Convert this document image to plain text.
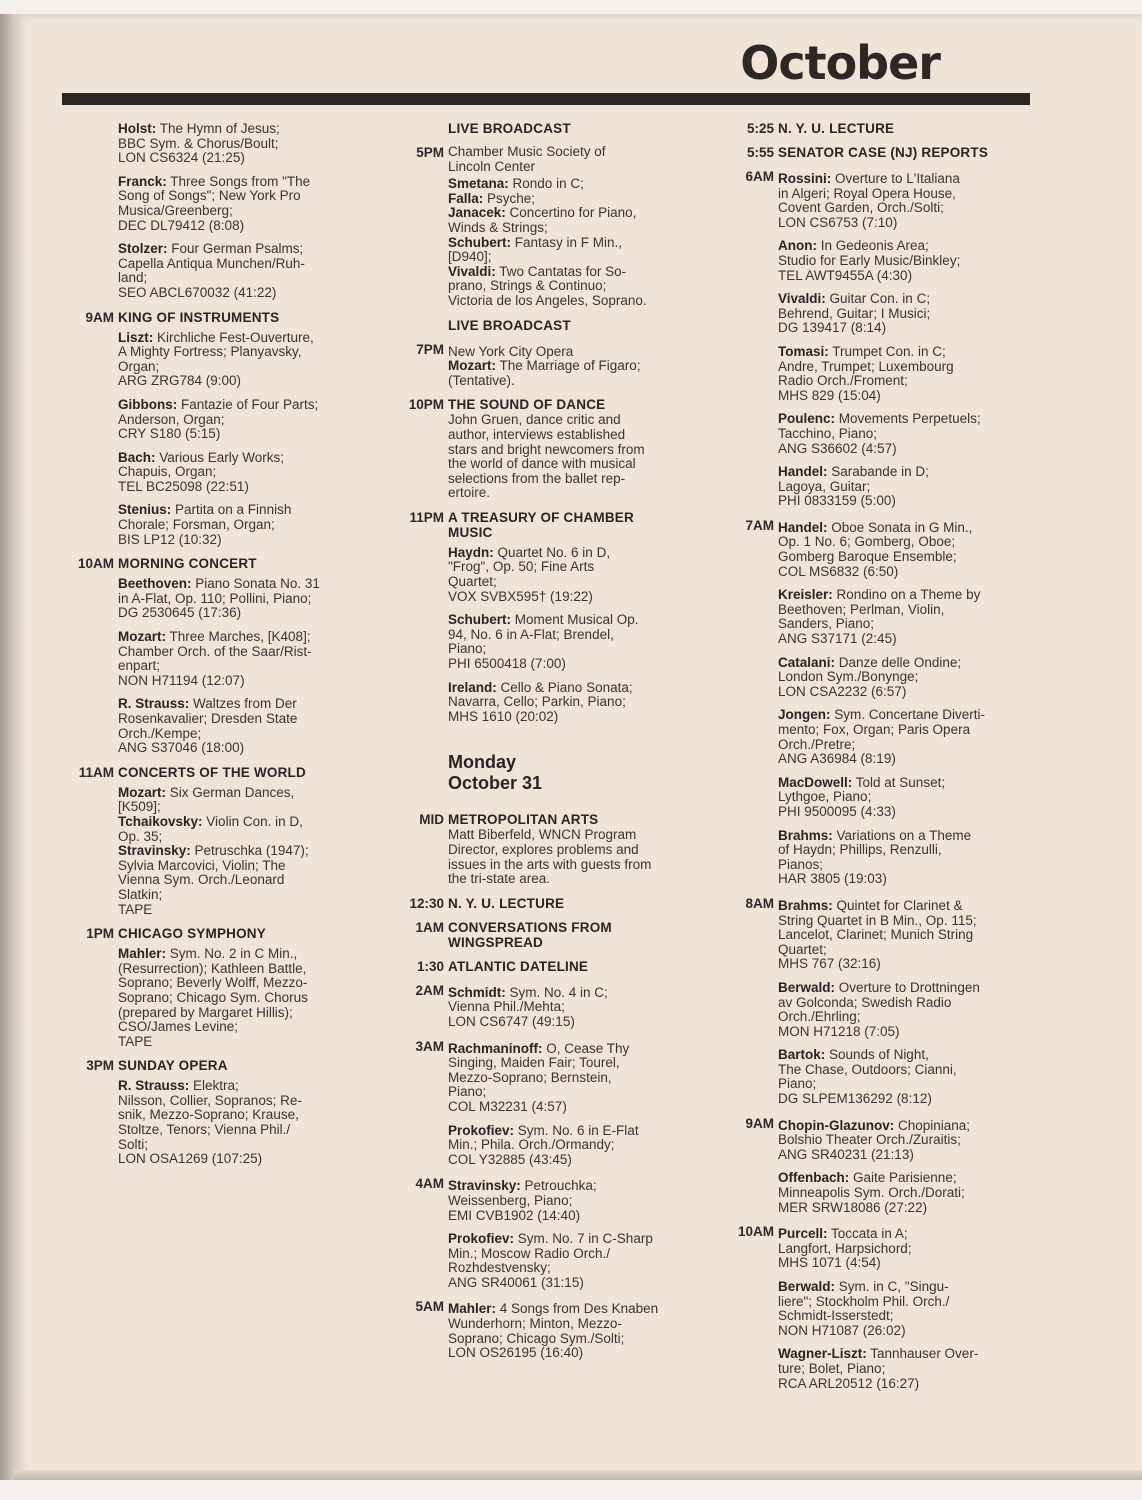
October
Holst: The Hymn of Jesus;
BBC Sym. & Chorus/Boult;
LON CS6324 (21:25)
Franck: Three Songs from "The
Song of Songs"; New York Pro
Musica/Greenberg;
DEC DL79412 (8:08)
Stolzer: Four German Psalms;
Capella Antiqua Munchen/Ruh-
land;
SEO ABCL670032 (41:22)
9AM KING OF INSTRUMENTS
Liszt: Kirchliche Fest-Ouverture,
A Mighty Fortress; Planyavsky,
Organ;
ARG ZRG784 (9:00)
Gibbons: Fantazie of Four Parts;
Anderson, Organ;
CRY S180 (5:15)
Bach: Various Early Works;
Chapuis, Organ;
TEL BC25098 (22:51)
Stenius: Partita on a Finnish
Chorale; Forsman, Organ;
BIS LP12 (10:32)
10AM MORNING CONCERT
Beethoven: Piano Sonata No. 31
in A-Flat, Op. 110; Pollini, Piano;
DG 2530645 (17:36)
Mozart: Three Marches, [K408];
Chamber Orch. of the Saar/Rist-
enpart;
NON H71194 (12:07)
R. Strauss: Waltzes from Der
Rosenkavalier; Dresden State
Orch./Kempe;
ANG S37046 (18:00)
11AM CONCERTS OF THE WORLD
Mozart: Six German Dances,
[K509];
Tchaikovsky: Violin Con. in D,
Op. 35;
Stravinsky: Petruschka (1947);
Sylvia Marcovici, Violin; The
Vienna Sym. Orch./Leonard
Slatkin;
TAPE
1PM CHICAGO SYMPHONY
Mahler: Sym. No. 2 in C Min.,
(Resurrection); Kathleen Battle,
Soprano; Beverly Wolff, Mezzo-
Soprano; Chicago Sym. Chorus
(prepared by Margaret Hillis);
CSO/James Levine;
TAPE
3PM SUNDAY OPERA
R. Strauss: Elektra;
Nilsson, Collier, Sopranos; Re-
snik, Mezzo-Soprano; Krause,
Stoltze, Tenors; Vienna Phil./
Solti;
LON OSA1269 (107:25)
LIVE BROADCAST
5PM Chamber Music Society of
Lincoln Center
Smetana: Rondo in C;
Falla: Psyche;
Janacek: Concertino for Piano,
Winds & Strings;
Schubert: Fantasy in F Min.,
[D940];
Vivaldi: Two Cantatas for So-
prano, Strings & Continuo;
Victoria de los Angeles, Soprano.
LIVE BROADCAST
7PM New York City Opera
Mozart: The Marriage of Figaro;
(Tentative).
10PM THE SOUND OF DANCE
John Gruen, dance critic and
author, interviews established
stars and bright newcomers from
the world of dance with musical
selections from the ballet rep-
ertoire.
11PM A TREASURY OF CHAMBER MUSIC
Haydn: Quartet No. 6 in D,
"Frog", Op. 50; Fine Arts
Quartet;
VOX SVBX595† (19:22)
Schubert: Moment Musical Op.
94, No. 6 in A-Flat; Brendel,
Piano;
PHI 6500418 (7:00)
Ireland: Cello & Piano Sonata;
Navarra, Cello; Parkin, Piano;
MHS 1610 (20:02)
Monday
October 31
MID METROPOLITAN ARTS
Matt Biberfeld, WNCN Program
Director, explores problems and
issues in the arts with guests from
the tri-state area.
12:30 N. Y. U. LECTURE
1AM CONVERSATIONS FROM WINGSPREAD
1:30 ATLANTIC DATELINE
2AM Schmidt: Sym. No. 4 in C;
Vienna Phil./Mehta;
LON CS6747 (49:15)
3AM Rachmaninoff: O, Cease Thy
Singing, Maiden Fair; Tourel,
Mezzo-Soprano; Bernstein,
Piano;
COL M32231 (4:57)
Prokofiev: Sym. No. 6 in E-Flat
Min.; Phila. Orch./Ormandy;
COL Y32885 (43:45)
4AM Stravinsky: Petrouchka;
Weissenberg, Piano;
EMI CVB1902 (14:40)
Prokofiev: Sym. No. 7 in C-Sharp
Min.; Moscow Radio Orch./
Rozhdestvensky;
ANG SR40061 (31:15)
5AM Mahler: 4 Songs from Des Knaben
Wunderhorn; Minton, Mezzo-
Soprano; Chicago Sym./Solti;
LON OS26195 (16:40)
5:25 N. Y. U. LECTURE
5:55 SENATOR CASE (NJ) REPORTS
6AM Rossini: Overture to L'Italiana
in Algeri; Royal Opera House,
Covent Garden, Orch./Solti;
LON CS6753 (7:10)
Anon: In Gedeonis Area;
Studio for Early Music/Binkley;
TEL AWT9455A (4:30)
Vivaldi: Guitar Con. in C;
Behrend, Guitar; I Musici;
DG 139417 (8:14)
Tomasi: Trumpet Con. in C;
Andre, Trumpet; Luxembourg
Radio Orch./Froment;
MHS 829 (15:04)
Poulenc: Movements Perpetuels;
Tacchino, Piano;
ANG S36602 (4:57)
Handel: Sarabande in D;
Lagoya, Guitar;
PHI 0833159 (5:00)
7AM Handel: Oboe Sonata in G Min.,
Op. 1 No. 6; Gomberg, Oboe;
Gomberg Baroque Ensemble;
COL MS6832 (6:50)
Kreisler: Rondino on a Theme by
Beethoven; Perlman, Violin,
Sanders, Piano;
ANG S37171 (2:45)
Catalani: Danze delle Ondine;
London Sym./Bonynge;
LON CSA2232 (6:57)
Jongen: Sym. Concertane Diverti-
mento; Fox, Organ; Paris Opera
Orch./Pretre;
ANG A36984 (8:19)
MacDowell: Told at Sunset;
Lythgoe, Piano;
PHI 9500095 (4:33)
Brahms: Variations on a Theme
of Haydn; Phillips, Renzulli,
Pianos;
HAR 3805 (19:03)
8AM Brahms: Quintet for Clarinet &
String Quartet in B Min., Op. 115;
Lancelot, Clarinet; Munich String
Quartet;
MHS 767 (32:16)
Berwald: Overture to Drottningen
av Golconda; Swedish Radio
Orch./Ehrling;
MON H71218 (7:05)
Bartok: Sounds of Night,
The Chase, Outdoors; Cianni,
Piano;
DG SLPEM136292 (8:12)
9AM Chopin-Glazunov: Chopiniana;
Bolshio Theater Orch./Zuraitis;
ANG SR40231 (21:13)
Offenbach: Gaite Parisienne;
Minneapolis Sym. Orch./Dorati;
MER SRW18086 (27:22)
10AM Purcell: Toccata in A;
Langfort, Harpsichord;
MHS 1071 (4:54)
Berwald: Sym. in C, "Singu-
liere"; Stockholm Phil. Orch./
Schmidt-Isserstedt;
NON H71087 (26:02)
Wagner-Liszt: Tannhauser Over-
ture; Bolet, Piano;
RCA ARL20512 (16:27)
